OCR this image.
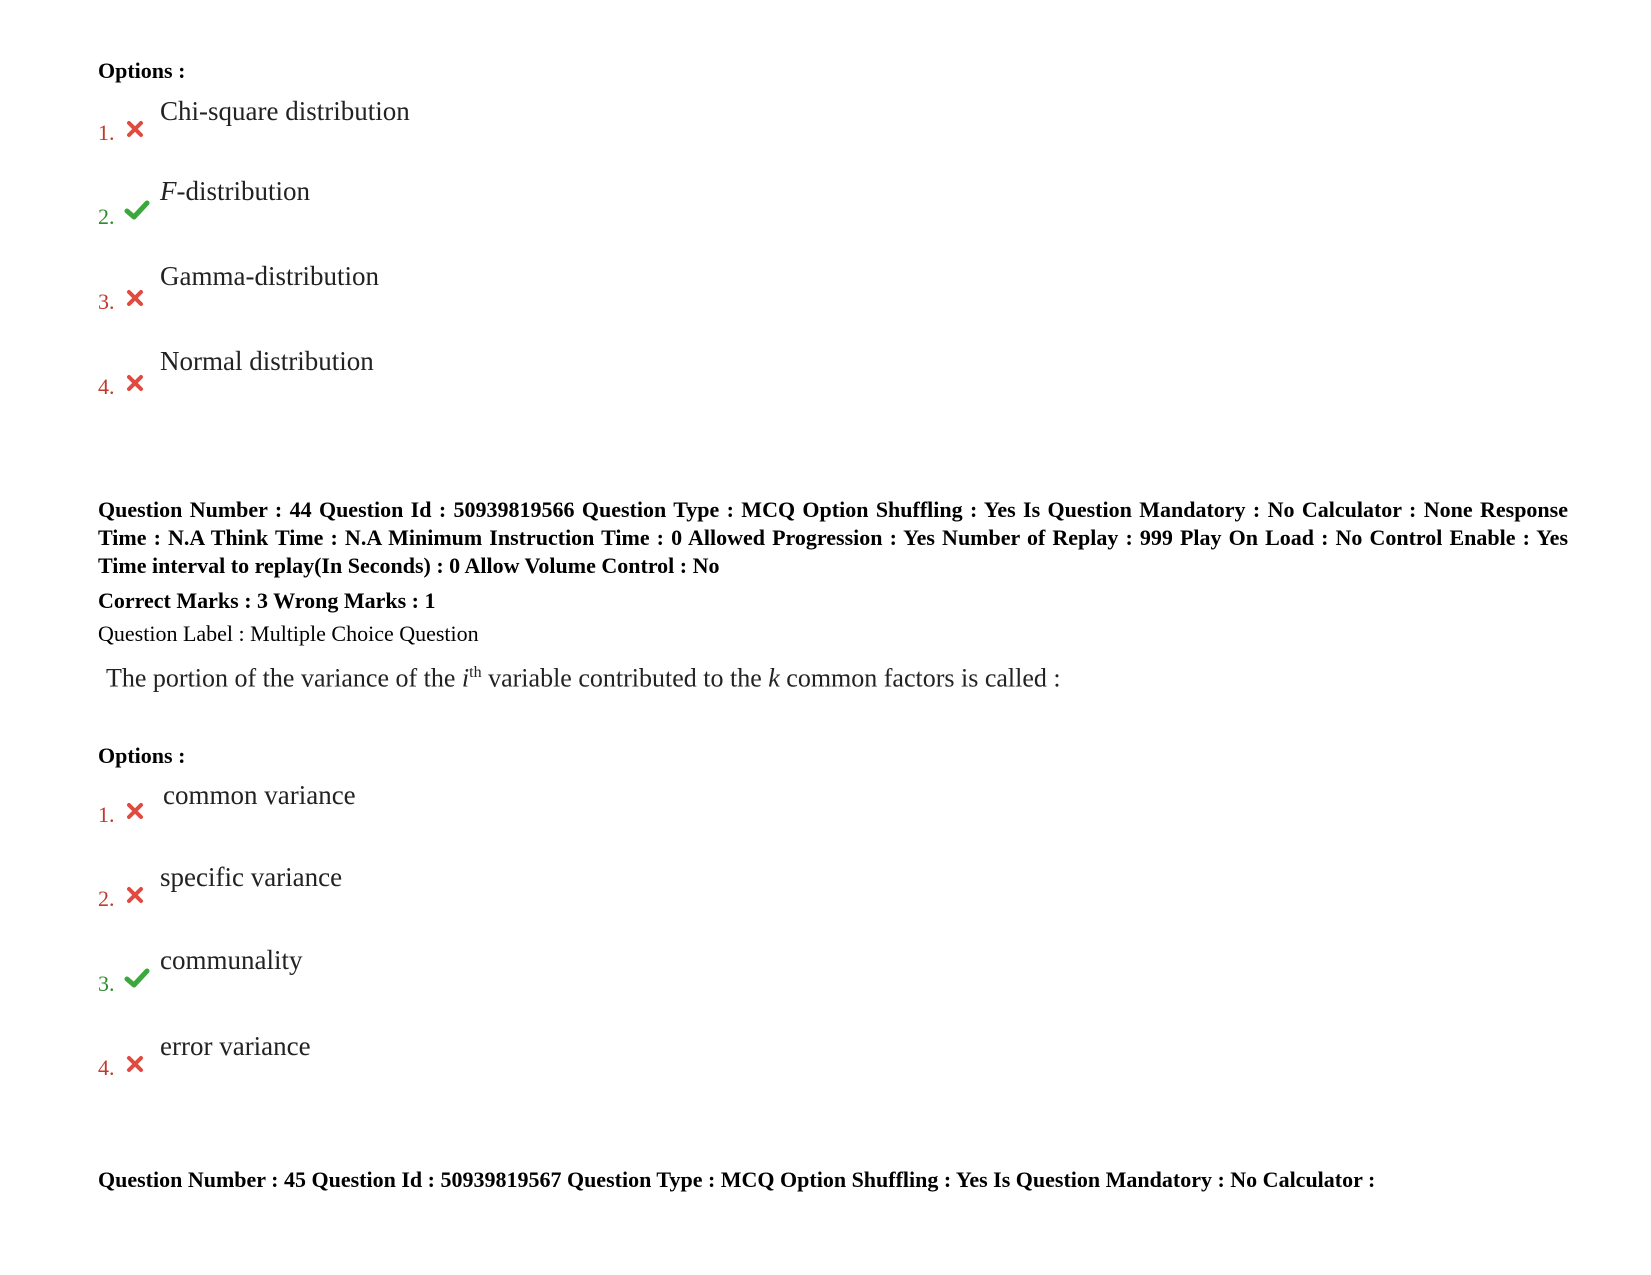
Options :
1.
Chi-square distribution
2.
F-distribution
3.
Gamma-distribution
4.
Normal distribution
Question Number : 44 Question Id : 50939819566 Question Type : MCQ Option Shuffling : Yes Is Question Mandatory : No Calculator : None Response Time : N.A Think Time : N.A Minimum Instruction Time : 0 Allowed Progression : Yes Number of Replay : 999 Play On Load : No Control Enable : Yes Time interval to replay(In Seconds) : 0 Allow Volume Control : No
Correct Marks : 3 Wrong Marks : 1
Question Label : Multiple Choice Question
The portion of the variance of the $i^{th}$ variable contributed to the k common factors is called :
Options :
1.
common variance
2.
specific variance
3.
communality
4.
error variance
Question Number : 45 Question Id : 50939819567 Question Type : MCQ Option Shuffling : Yes Is Question Mandatory : No Calculator :
